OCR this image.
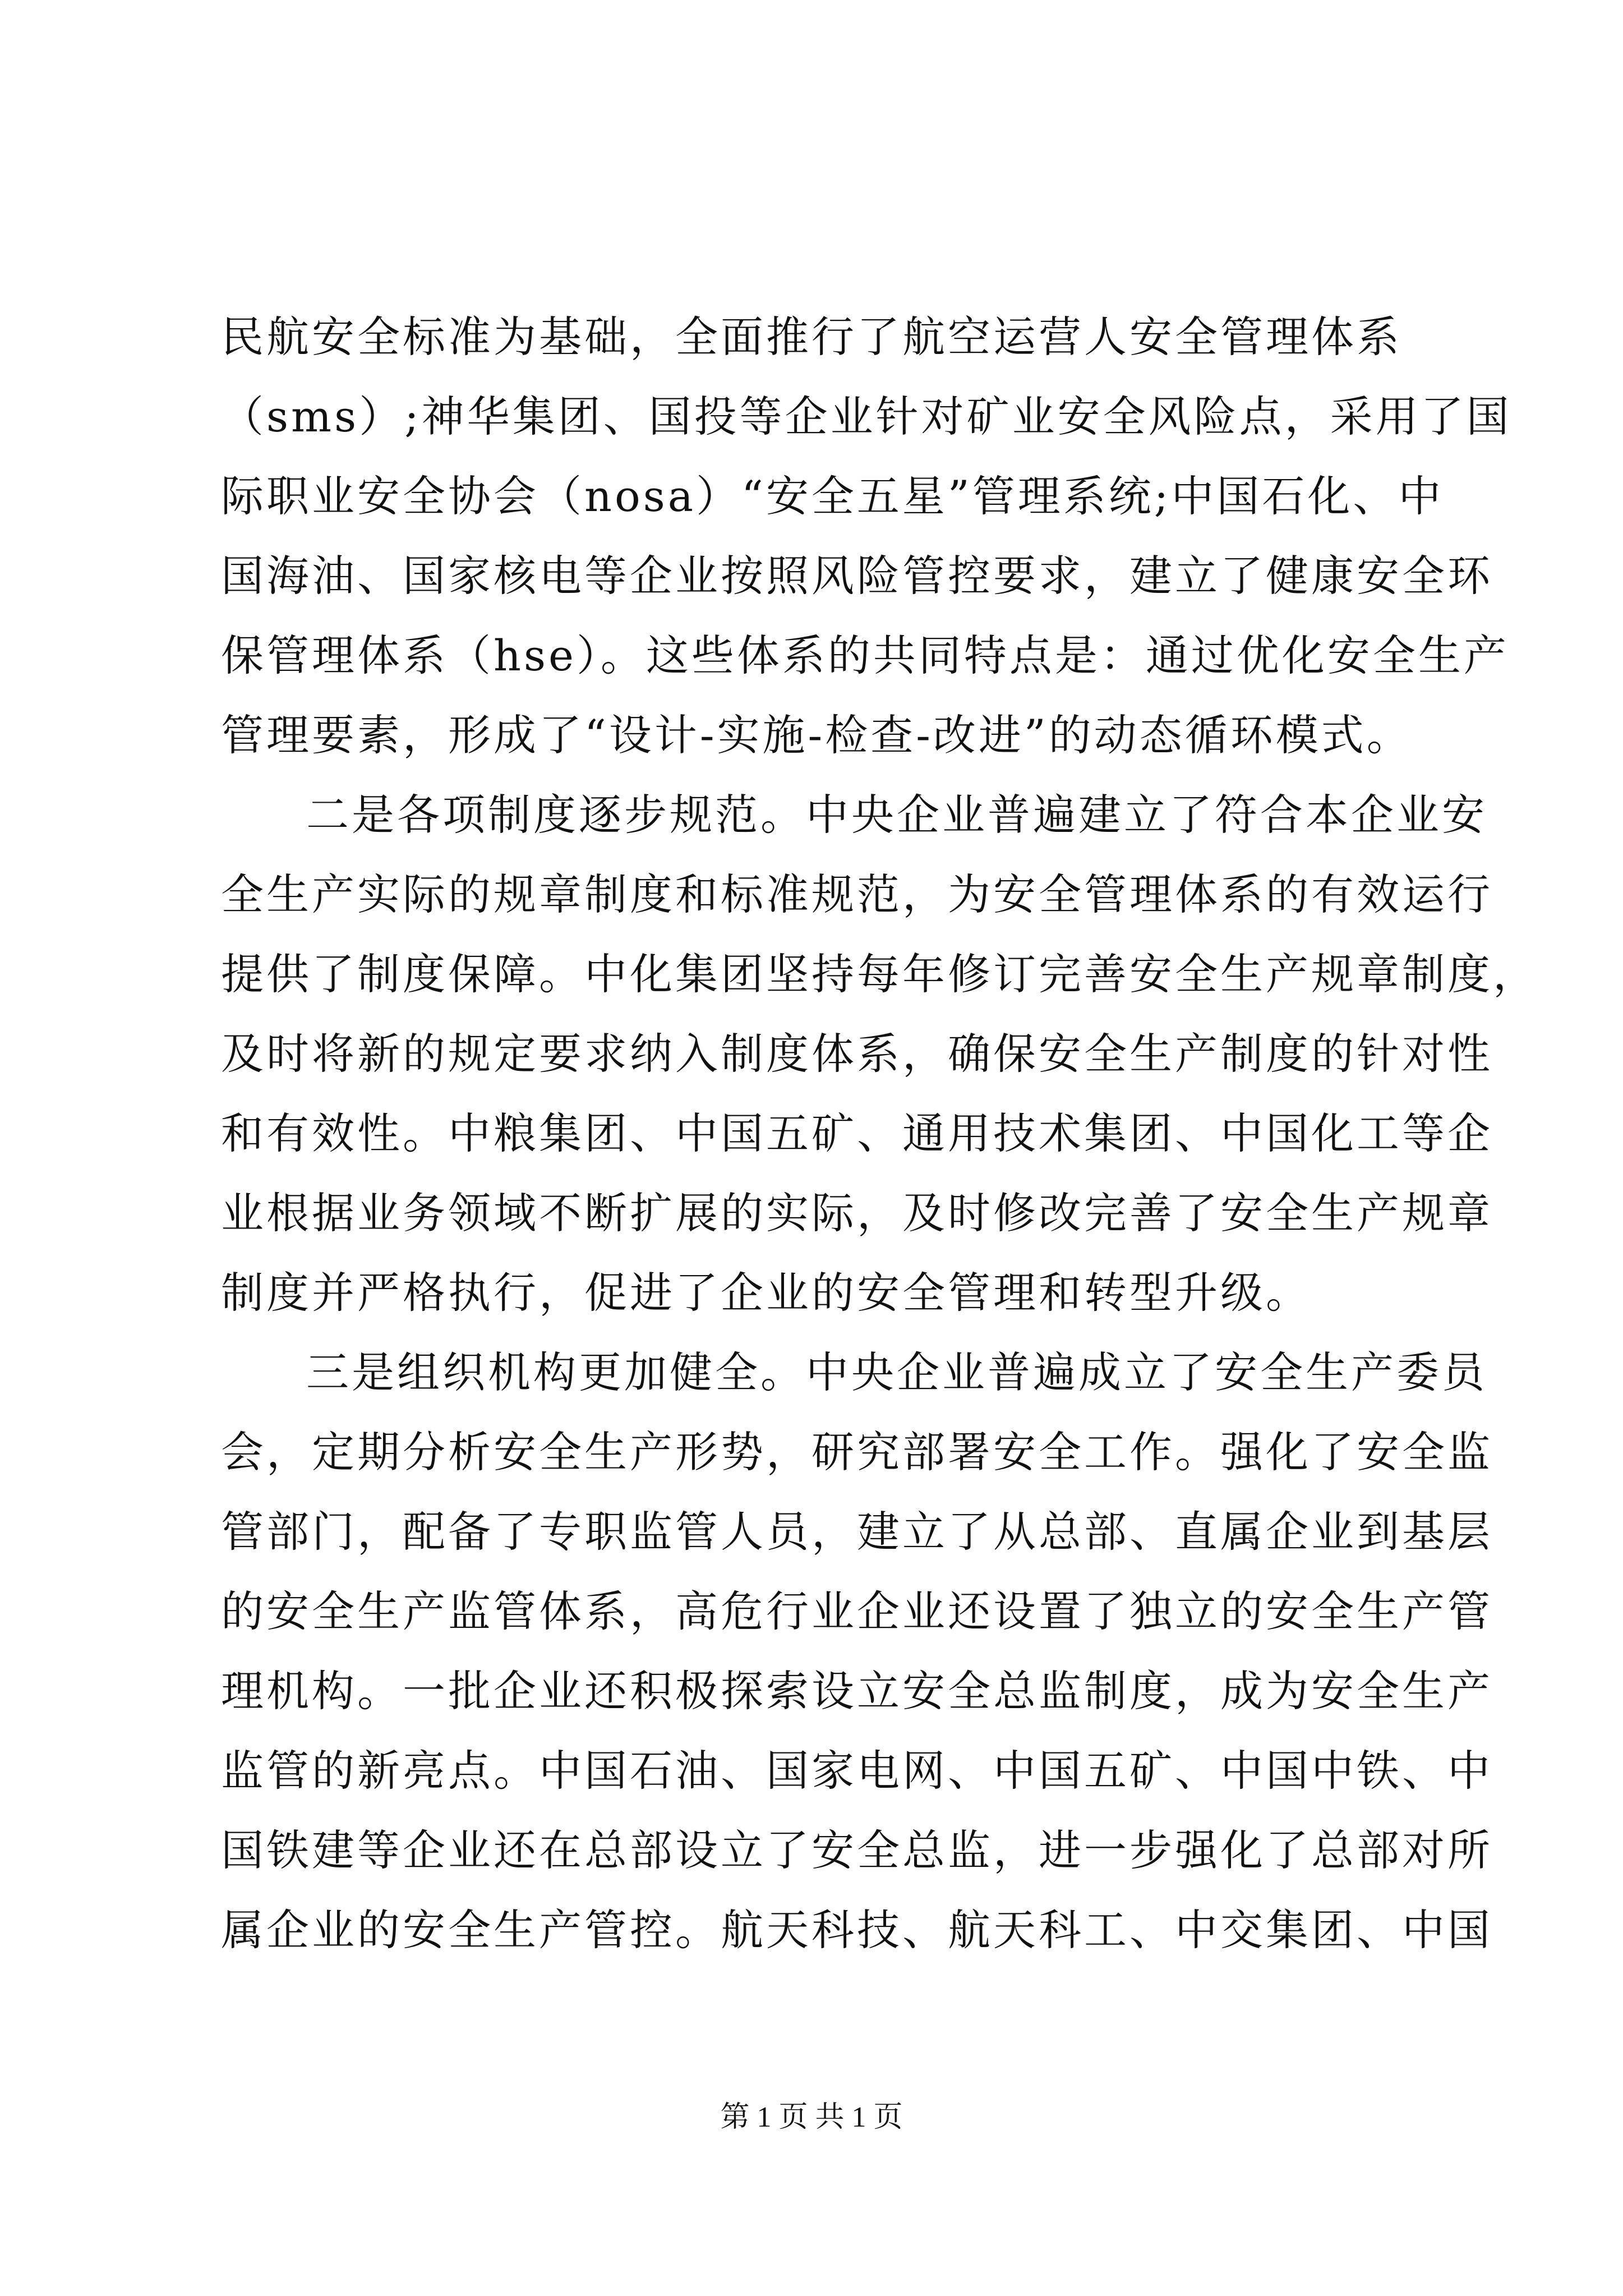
民航安全标准为基础，全面推行了航空运营人安全管理体系
（sms）;神华集团、国投等企业针对矿业安全风险点，采用了国
际职业安全协会（nosa）“安全五星”管理系统;中国石化、中
国海油、国家核电等企业按照风险管控要求，建立了健康安全环
保管理体系（hse）。这些体系的共同特点是：通过优化安全生产
管理要素，形成了“设计-实施-检查-改进”的动态循环模式。
二是各项制度逐步规范。中央企业普遍建立了符合本企业安
全生产实际的规章制度和标准规范，为安全管理体系的有效运行
提供了制度保障。中化集团坚持每年修订完善安全生产规章制度，
及时将新的规定要求纳入制度体系，确保安全生产制度的针对性
和有效性。中粮集团、中国五矿、通用技术集团、中国化工等企
业根据业务领域不断扩展的实际，及时修改完善了安全生产规章
制度并严格执行，促进了企业的安全管理和转型升级。
三是组织机构更加健全。中央企业普遍成立了安全生产委员
会，定期分析安全生产形势，研究部署安全工作。强化了安全监
管部门，配备了专职监管人员，建立了从总部、直属企业到基层
的安全生产监管体系，高危行业企业还设置了独立的安全生产管
理机构。一批企业还积极探索设立安全总监制度，成为安全生产
监管的新亮点。中国石油、国家电网、中国五矿、中国中铁、中
国铁建等企业还在总部设立了安全总监，进一步强化了总部对所
属企业的安全生产管控。航天科技、航天科工、中交集团、中国
第 1 页 共 1 页
